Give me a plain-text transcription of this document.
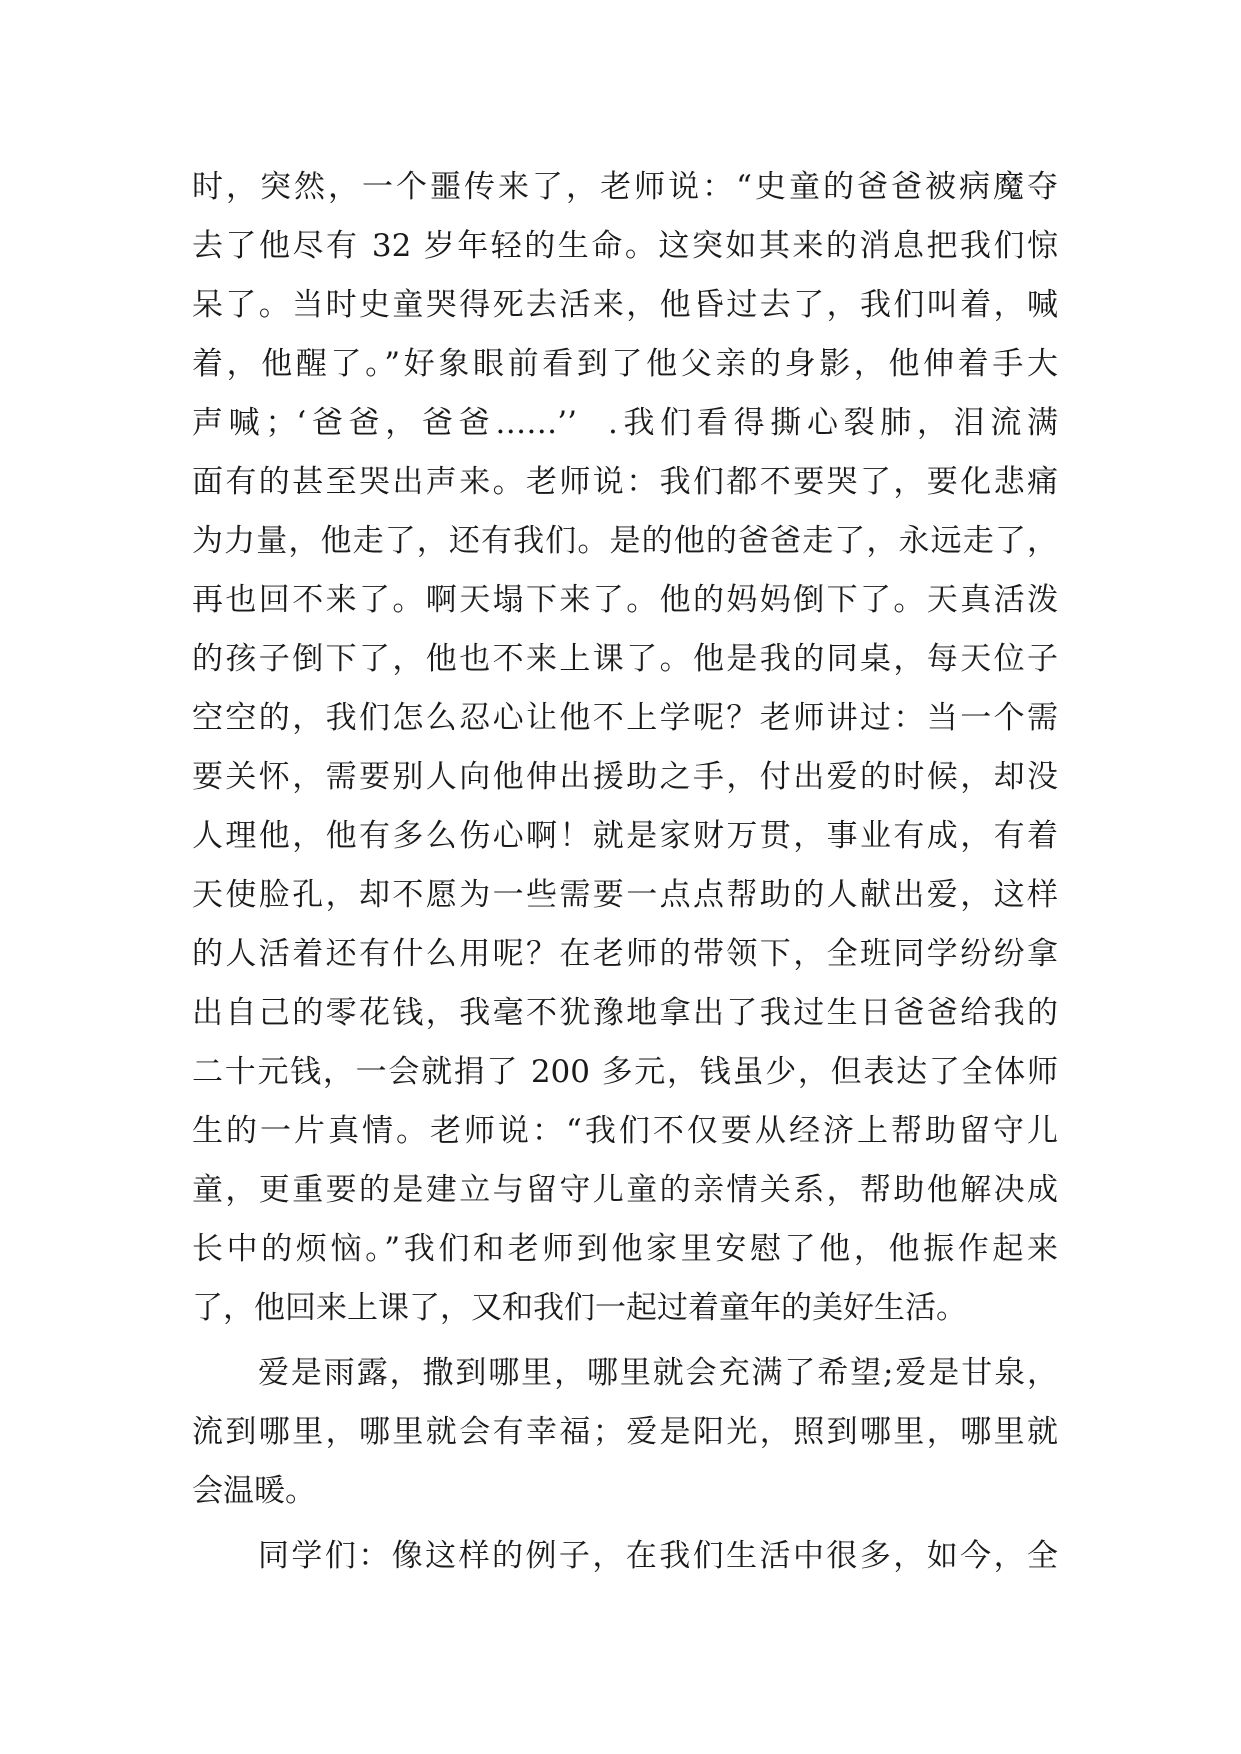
时，突然，一个噩传来了，老师说：“史童的爸爸被病魔夺
去了他尽有 32 岁年轻的生命。这突如其来的消息把我们惊
呆了。当时史童哭得死去活来，他昏过去了，我们叫着，喊
着，他醒了。”好象眼前看到了他父亲的身影，他伸着手大
声喊；‘爸爸，爸爸……’’  .我们看得撕心裂肺，泪流满
面有的甚至哭出声来。老师说：我们都不要哭了，要化悲痛
为力量，他走了，还有我们。是的他的爸爸走了，永远走了，
再也回不来了。啊天塌下来了。他的妈妈倒下了。天真活泼
的孩子倒下了，他也不来上课了。他是我的同桌，每天位子
空空的，我们怎么忍心让他不上学呢？老师讲过：当一个需
要关怀，需要别人向他伸出援助之手，付出爱的时候，却没
人理他，他有多么伤心啊！就是家财万贯，事业有成，有着
天使脸孔，却不愿为一些需要一点点帮助的人献出爱，这样
的人活着还有什么用呢？在老师的带领下，全班同学纷纷拿
出自己的零花钱，我毫不犹豫地拿出了我过生日爸爸给我的
二十元钱，一会就捐了 200 多元，钱虽少，但表达了全体师
生的一片真情。老师说：“我们不仅要从经济上帮助留守儿
童，更重要的是建立与留守儿童的亲情关系，帮助他解决成
长中的烦恼。”我们和老师到他家里安慰了他，他振作起来
了，他回来上课了，又和我们一起过着童年的美好生活。
爱是雨露，撒到哪里，哪里就会充满了希望;爱是甘泉，
流到哪里，哪里就会有幸福；爱是阳光，照到哪里，哪里就
会温暖。
同学们：像这样的例子，在我们生活中很多，如今，全
